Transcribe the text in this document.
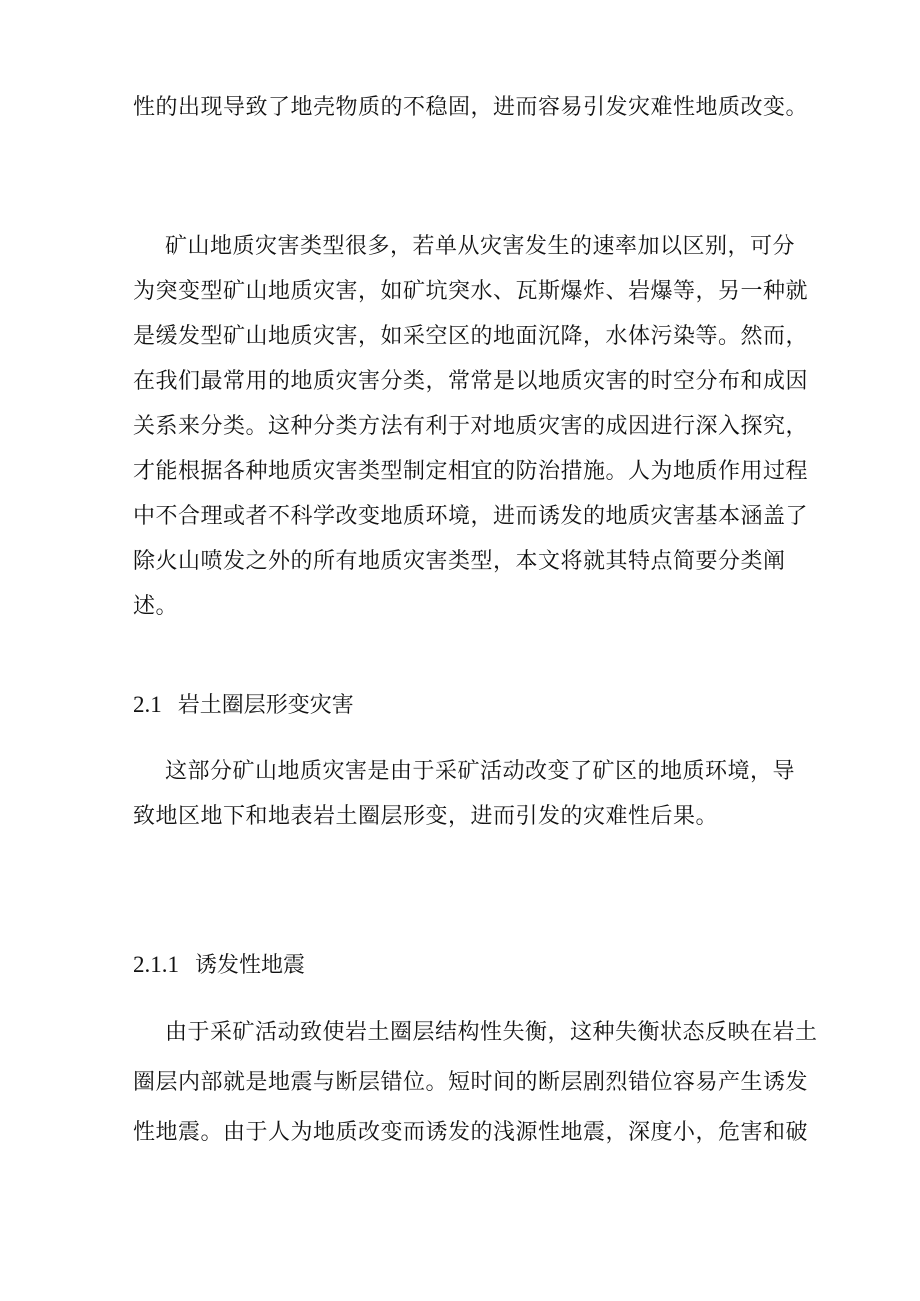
性的出现导致了地壳物质的不稳固，进而容易引发灾难性地质改变。
矿山地质灾害类型很多，若单从灾害发生的速率加以区别，可分
为突变型矿山地质灾害，如矿坑突水、瓦斯爆炸、岩爆等，另一种就
是缓发型矿山地质灾害，如采空区的地面沉降，水体污染等。然而，
在我们最常用的地质灾害分类，常常是以地质灾害的时空分布和成因
关系来分类。这种分类方法有利于对地质灾害的成因进行深入探究，
才能根据各种地质灾害类型制定相宜的防治措施。人为地质作用过程
中不合理或者不科学改变地质环境，进而诱发的地质灾害基本涵盖了
除火山喷发之外的所有地质灾害类型，本文将就其特点简要分类阐
述。
2.1 岩土圈层形变灾害
这部分矿山地质灾害是由于采矿活动改变了矿区的地质环境，导
致地区地下和地表岩土圈层形变，进而引发的灾难性后果。
2.1.1 诱发性地震
由于采矿活动致使岩土圈层结构性失衡，这种失衡状态反映在岩土
圈层内部就是地震与断层错位。短时间的断层剧烈错位容易产生诱发
性地震。由于人为地质改变而诱发的浅源性地震，深度小，危害和破
